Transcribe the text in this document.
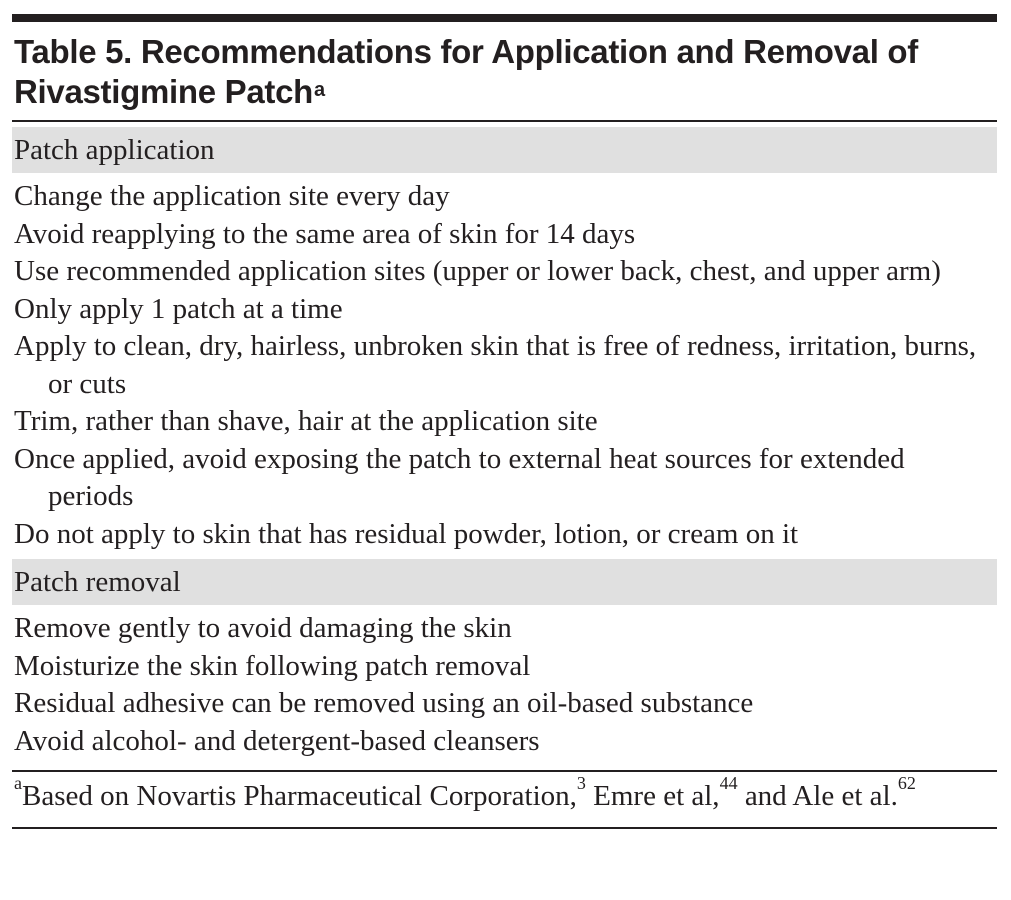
Table 5. Recommendations for Application and Removal of Rivastigmine Patch$^a$
Patch application
Change the application site every day
Avoid reapplying to the same area of skin for 14 days
Use recommended application sites (upper or lower back, chest, and upper arm)
Only apply 1 patch at a time
Apply to clean, dry, hairless, unbroken skin that is free of redness, irritation, burns, or cuts
Trim, rather than shave, hair at the application site
Once applied, avoid exposing the patch to external heat sources for extended periods
Do not apply to skin that has residual powder, lotion, or cream on it
Patch removal
Remove gently to avoid damaging the skin
Moisturize the skin following patch removal
Residual adhesive can be removed using an oil-based substance
Avoid alcohol- and detergent-based cleansers
$^a$Based on Novartis Pharmaceutical Corporation,$^3$ Emre et al,$^{44}$ and Ale et al.$^{62}$
